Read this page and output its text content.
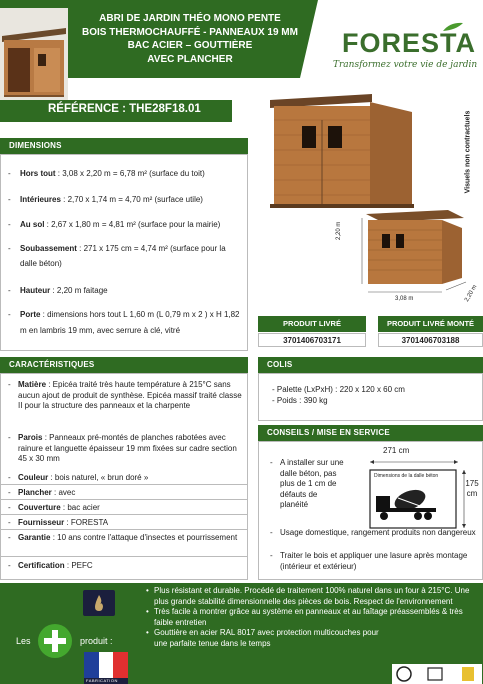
ABRI DE JARDIN THÉO MONO PENTE
BOIS THERMOCHAUFFÉ - PANNEAUX 19 MM
BAC ACIER – GOUTTIÈRE
AVEC PLANCHER
FORESTA
Transformez votre vie de jardin
RÉFÉRENCE : THE28F18.01
Visuels non contractuels
2,20 m
3,08 m	2,20 m
PRODUIT LIVRÉ
3701406703171
PRODUIT LIVRÉ MONTÉ
3701406703188
DIMENSIONS
-	Hors tout : 3,08 x 2,20 m = 6,78 m² (surface du toit)
-	Intérieures : 2,70 x 1,74 m = 4,70 m² (surface utile)
-	Au sol : 2,67 x 1,80 m = 4,81 m² (surface pour la mairie)
-	Soubassement : 271 x 175 cm = 4,74 m² (surface pour la dalle béton)
-	Hauteur : 2,20 m faitage
-	Porte : dimensions hors tout L 1,60 m (L 0,79 m x 2 ) x H 1,82 m en lambris 19 mm, avec serrure à clé, vitré
CARACTÉRISTIQUES
- Matière : Epicéa traité très haute température à 215°C sans aucun ajout de produit de synthèse. Epicéa massif traité classe II pour la structure des panneaux et la charpente
- Parois : Panneaux pré-montés de planches rabotées avec rainure et languette épaisseur 19 mm fixées sur cadre section 45 x 30 mm
- Couleur : bois naturel, « brun doré »
- Plancher : avec
- Couverture : bac acier
- Fournisseur : FORESTA
- Garantie : 10 ans contre l'attaque d'insectes et pourrissement
- Certification : PEFC
COLIS
- Palette (LxPxH) : 220 x 120 x 60 cm
- Poids : 390 kg
CONSEILS / MISE EN SERVICE
- A installer sur une dalle béton, pas plus de 1 cm de défauts de planéité
271 cm
Dimensions de la dalle béton
175 cm
- Usage domestique, rangement produits non dangereux
- Traiter le bois et appliquer une lasure après montage (intérieur et extérieur)
Les	produit :
FABRICATION
• Plus résistant et durable. Procédé de traitement 100% naturel dans un four à 215°C. Une plus grande stabilité dimensionnelle des pièces de bois. Respect de l'environnement
• Très facile à montrer grâce au système en panneaux et au faîtage préassemblés & très faible entretien
• Gouttière en acier RAL 8017 avec protection multicouches pour une parfaite tenue dans le temps
